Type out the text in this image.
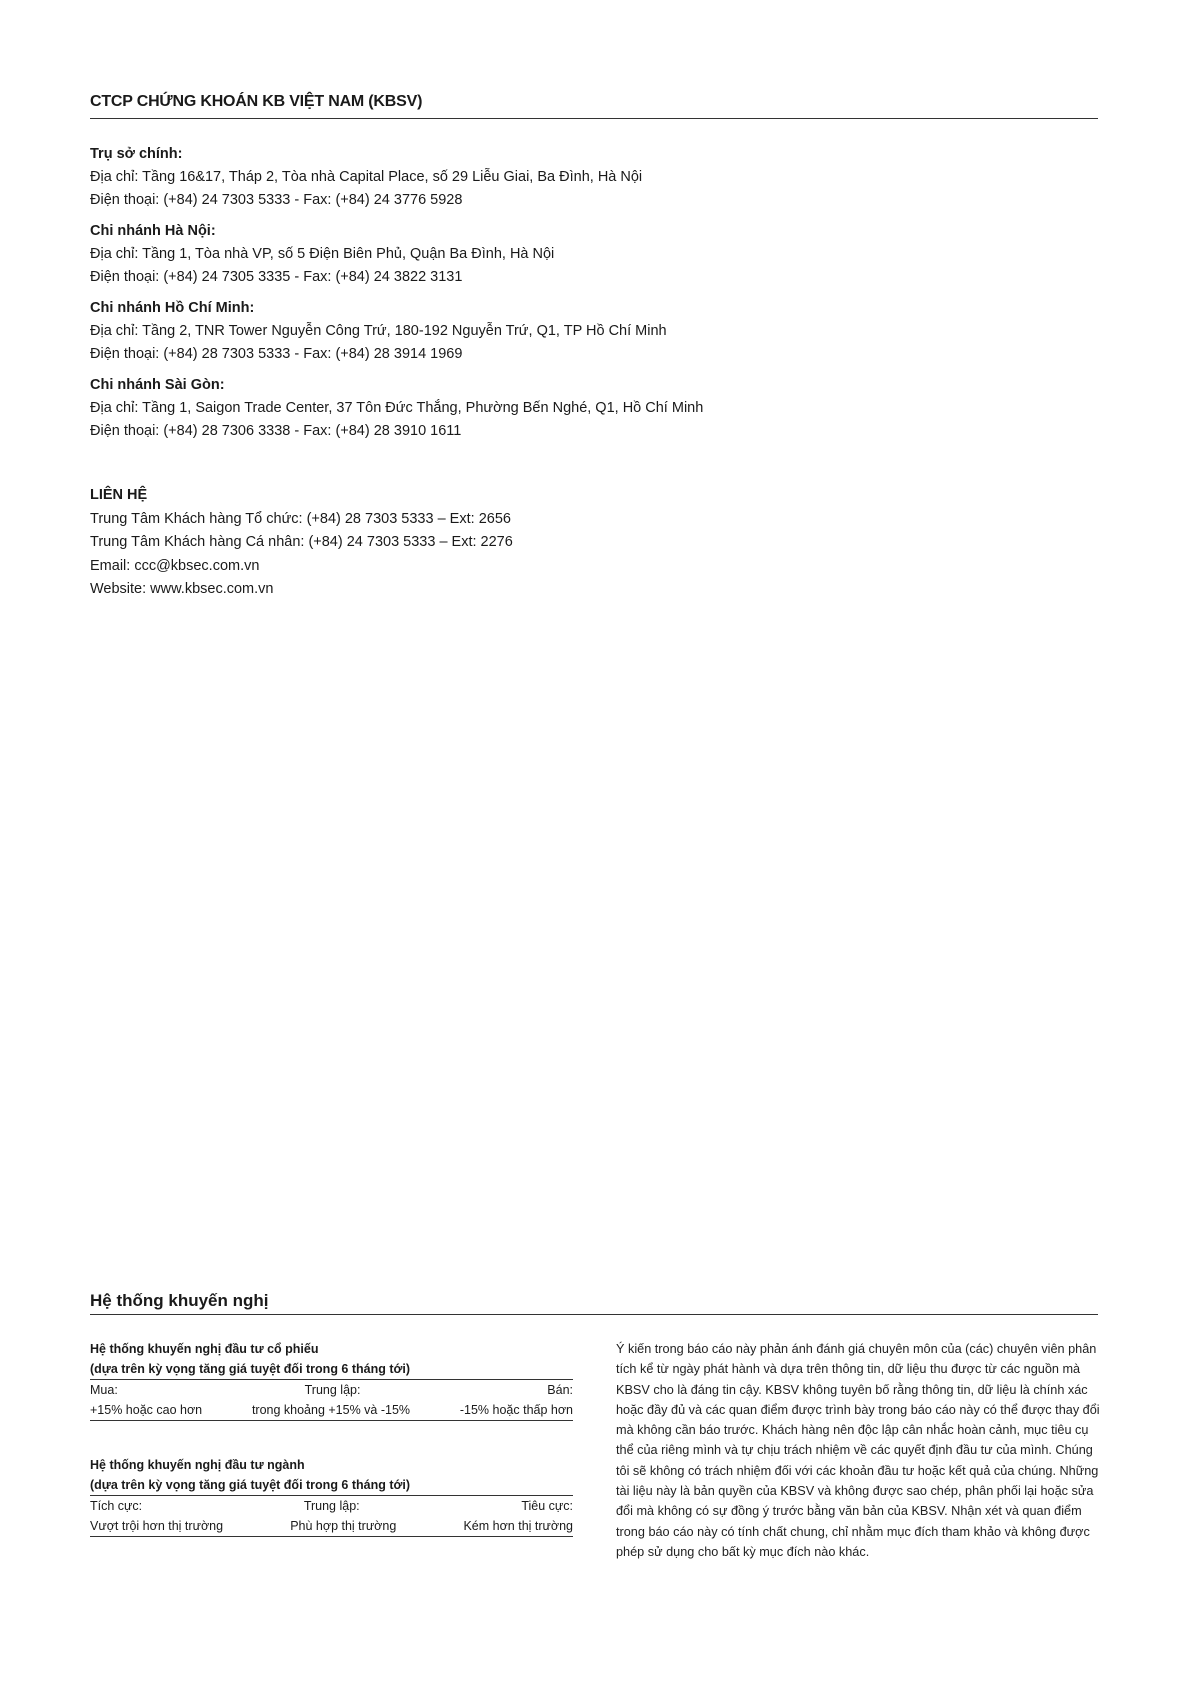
CTCP CHỨNG KHOÁN KB VIỆT NAM (KBSV)
Trụ sở chính:
Địa chỉ: Tầng 16&17, Tháp 2, Tòa nhà Capital Place, số 29 Liễu Giai, Ba Đình, Hà Nội
Điện thoại: (+84) 24 7303 5333 - Fax: (+84) 24 3776 5928
Chi nhánh Hà Nội:
Địa chỉ: Tầng 1, Tòa nhà VP, số 5 Điện Biên Phủ, Quận Ba Đình, Hà Nội
Điện thoại: (+84) 24 7305 3335 - Fax: (+84) 24 3822 3131
Chi nhánh Hồ Chí Minh:
Địa chỉ: Tầng 2, TNR Tower Nguyễn Công Trứ, 180-192 Nguyễn Trứ, Q1, TP Hồ Chí Minh
Điện thoại: (+84) 28 7303 5333 - Fax: (+84) 28 3914 1969
Chi nhánh Sài Gòn:
Địa chỉ: Tầng 1, Saigon Trade Center, 37 Tôn Đức Thắng, Phường Bến Nghé, Q1, Hồ Chí Minh
Điện thoại: (+84) 28 7306 3338 - Fax: (+84) 28 3910 1611
LIÊN HỆ
Trung Tâm Khách hàng Tổ chức: (+84) 28 7303 5333 – Ext: 2656
Trung Tâm Khách hàng Cá nhân: (+84) 24 7303 5333 – Ext: 2276
Email: ccc@kbsec.com.vn
Website: www.kbsec.com.vn
Hệ thống khuyến nghị
Hệ thống khuyến nghị đầu tư cổ phiếu
(dựa trên kỳ vọng tăng giá tuyệt đối trong 6 tháng tới)
Mua:	Trung lập:	Bán:
+15% hoặc cao hơn	trong khoảng +15% và -15%	-15% hoặc thấp hơn
Hệ thống khuyến nghị đầu tư ngành
(dựa trên kỳ vọng tăng giá tuyệt đối trong 6 tháng tới)
Tích cực:	Trung lập:	Tiêu cực:
Vượt trội hơn thị trường	Phù hợp thị trường	Kém hơn thị trường
Ý kiến trong báo cáo này phản ánh đánh giá chuyên môn của (các) chuyên viên phân tích kể từ ngày phát hành và dựa trên thông tin, dữ liệu thu được từ các nguồn mà KBSV cho là đáng tin cậy. KBSV không tuyên bố rằng thông tin, dữ liệu là chính xác hoặc đầy đủ và các quan điểm được trình bày trong báo cáo này có thể được thay đổi mà không cần báo trước. Khách hàng nên độc lập cân nhắc hoàn cảnh, mục tiêu cụ thể của riêng mình và tự chịu trách nhiệm về các quyết định đầu tư của mình. Chúng tôi sẽ không có trách nhiệm đối với các khoản đầu tư hoặc kết quả của chúng. Những tài liệu này là bản quyền của KBSV và không được sao chép, phân phối lại hoặc sửa đổi mà không có sự đồng ý trước bằng văn bản của KBSV. Nhận xét và quan điểm trong báo cáo này có tính chất chung, chỉ nhằm mục đích tham khảo và không được phép sử dụng cho bất kỳ mục đích nào khác.
